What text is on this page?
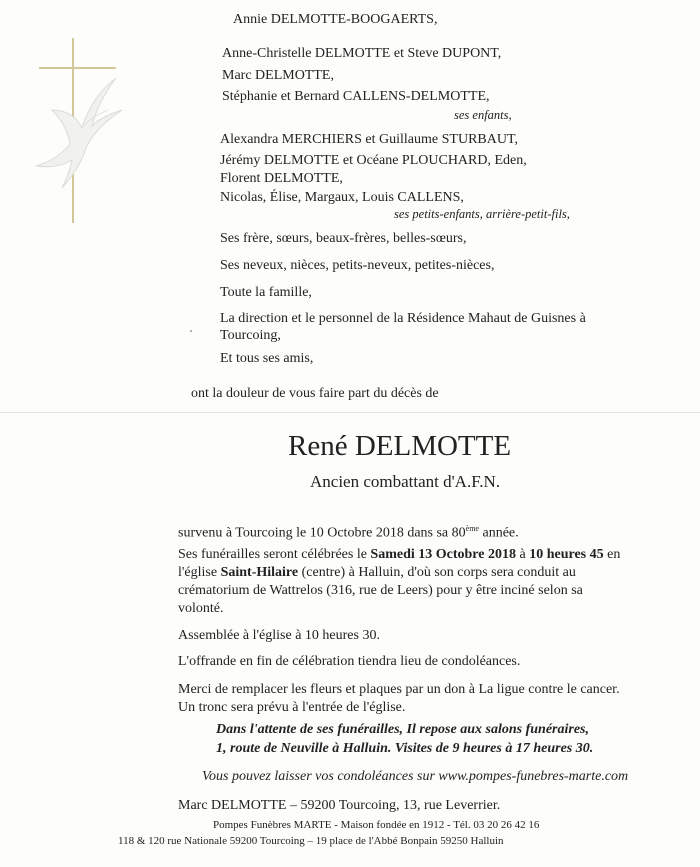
Annie DELMOTTE-BOOGAERTS,
Anne-Christelle DELMOTTE et Steve DUPONT,
Marc DELMOTTE,
Stéphanie et Bernard CALLENS-DELMOTTE,
ses enfants,
Alexandra MERCHIERS et Guillaume STURBAUT,
Jérémy DELMOTTE et Océane PLOUCHARD, Eden,
Florent DELMOTTE,
Nicolas, Élise, Margaux, Louis CALLENS,
ses petits-enfants, arrière-petit-fils,
Ses frère, sœurs, beaux-frères, belles-sœurs,
Ses neveux, nièces, petits-neveux, petites-nièces,
Toute la famille,
La direction et le personnel de la Résidence Mahaut de Guisnes à
Tourcoing,
Et tous ses amis,
ont la douleur de vous faire part du décès de
René DELMOTTE
Ancien combattant d'A.F.N.
survenu à Tourcoing le 10 Octobre 2018 dans sa 80ème année.
Ses funérailles seront célébrées le Samedi 13 Octobre 2018 à 10 heures 45 en
l'église Saint-Hilaire (centre) à Halluin, d'où son corps sera conduit au
crématorium de Wattrelos (316, rue de Leers) pour y être inciné selon sa
volonté.
Assemblée à l'église à 10 heures 30.
L'offrande en fin de célébration tiendra lieu de condoléances.
Merci de remplacer les fleurs et plaques par un don à La ligue contre le cancer.
Un tronc sera prévu à l'entrée de l'église.
Dans l'attente de ses funérailles, Il repose aux salons funéraires,
1, route de Neuville à Halluin. Visites de 9 heures à 17 heures 30.
Vous pouvez laisser vos condoléances sur www.pompes-funebres-marte.com
Marc DELMOTTE – 59200 Tourcoing, 13, rue Leverrier.
Pompes Funèbres MARTE - Maison fondée en 1912 - Tél. 03 20 26 42 16
118 & 120 rue Nationale 59200 Tourcoing – 19 place de l'Abbé Bonpain 59250 Halluin
